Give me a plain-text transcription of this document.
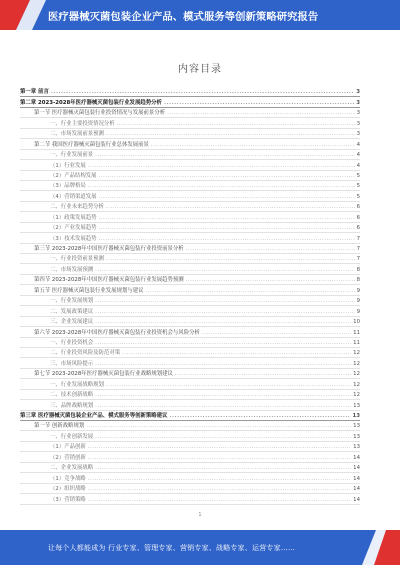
医疗器械灭菌包装企业产品、模式服务等创新策略研究报告
内容目录
第一章 前言 .....	3
第二章 2023-2028年医疗器械灭菌包装行业发展趋势分析 .....	3
第一节 医疗器械灭菌包装行业投资情况与发展前景分析 .....	3
一、行业主要投资情况分析 .....	3
二、市场发展前景预测 .....	3
第二节 我国医疗器械灭菌包装行业总体发展前景 .....	4
一、行业发展前景 .....	4
（1）行业发展 .....	4
（2）产品结构发展 .....	5
（3）品牌格局 .....	5
（4）营销渠道发展 .....	5
二、行业未来趋势分析 .....	6
（1）政策发展趋势 .....	6
（2）产业发展趋势 .....	6
（3）技术发展趋势 .....	7
第三节 2023-2028年中国医疗器械灭菌包装行业投资前景分析 .....	7
一、行业投资前景预测 .....	7
二、市场发展预测 .....	8
第四节 2023-2028年中国医疗器械灭菌包装行业发展趋势预测 .....	8
第五节 医疗器械灭菌包装行业发展规划与建议 .....	9
一、行业发展规划 .....	9
二、发展政策建议 .....	9
三、企业发展建议 .....	10
第六节 2023-2028年中国医疗器械灭菌包装行业投资机会与风险分析 .....	11
一、行业投资机会 .....	11
二、行业投资风险及防范对策 .....	12
三、市场风险提示 .....	12
第七节 2023-2028年医疗器械灭菌包装行业战略规划建议 .....	12
一、行业发展战略规划 .....	12
二、技术创新战略 .....	12
三、品牌战略规划 .....	13
第三章 医疗器械灭菌包装企业产品、模式服务等创新策略建议 .....	13
第一节 创新战略规划 .....	13
一、行业创新发展 .....	13
（1）产品创新 .....	13
（2）营销创新 .....	14
二、企业发展战略 .....	14
（1）竞争战略 .....	14
（2）组织战略 .....	14
（3）营销策略 .....	14
1
让每个人都能成为 行业专家、管理专家、营销专家、战略专家、运营专家……
